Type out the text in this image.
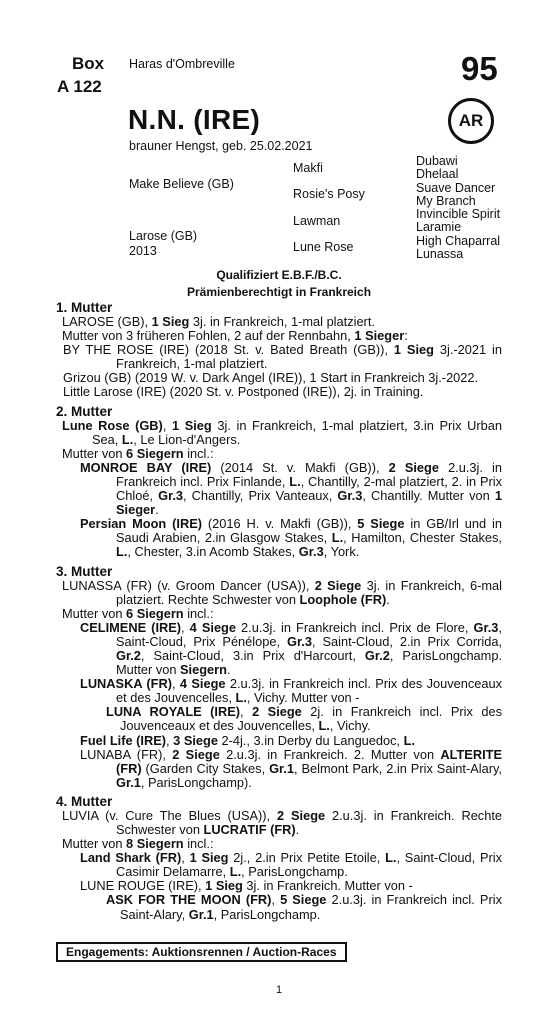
Box
A 122
Haras d'Ombreville	95
N.N. (IRE)
brauner Hengst, geb. 25.02.2021
AR
Make Believe (GB)
Larose (GB)
2013
Makfi
Rosie's Posy
Lawman
Lune Rose
Dubawi
Dhelaal
Suave Dancer
My Branch
Invincible Spirit
Laramie
High Chaparral
Lunassa
Qualifiziert E.B.F./B.C.
Prämienberechtigt in Frankreich
1. Mutter

LAROSE (GB), 1 Sieg 3j. in Frankreich, 1-mal platziert.

Mutter von 3 früheren Fohlen, 2 auf der Rennbahn, 1 Sieger:

BY THE ROSE (IRE) (2018 St. v. Bated Breath (GB)), 1 Sieg 3j.-2021 in Frankreich, 1-mal platziert.

Grizou (GB) (2019 W. v. Dark Angel (IRE)), 1 Start in Frankreich 3j.-2022.

Little Larose (IRE) (2020 St. v. Postponed (IRE)), 2j. in Training.

2. Mutter

Lune Rose (GB), 1 Sieg 3j. in Frankreich, 1-mal platziert, 3.in Prix Urban Sea, L., Le Lion-d'Angers.

Mutter von 6 Siegern incl.:

MONROE BAY (IRE) (2014 St. v. Makfi (GB)), 2 Siege 2.u.3j. in Frankreich incl. Prix Finlande, L., Chantilly, 2-mal platziert, 2. in Prix Chloé, Gr.3, Chantilly, Prix Vanteaux, Gr.3, Chantilly. Mutter von 1 Sieger.

Persian Moon (IRE) (2016 H. v. Makfi (GB)), 5 Siege in GB/Irl und in Saudi Arabien, 2.in Glasgow Stakes, L., Hamilton, Chester Stakes, L., Chester, 3.in Acomb Stakes, Gr.3, York.

3. Mutter

LUNASSA (FR) (v. Groom Dancer (USA)), 2 Siege 3j. in Frankreich, 6-mal platziert. Rechte Schwester von Loophole (FR).

Mutter von 6 Siegern incl.:

CELIMENE (IRE), 4 Siege 2.u.3j. in Frankreich incl. Prix de Flore, Gr.3, Saint-Cloud, Prix Pénélope, Gr.3, Saint-Cloud, 2.in Prix Corrida, Gr.2, Saint-Cloud, 3.in Prix d'Harcourt, Gr.2, ParisLongchamp. Mutter von Siegern.

LUNASKA (FR), 4 Siege 2.u.3j. in Frankreich incl. Prix des Jouvenceaux et des Jouvencelles, L., Vichy. Mutter von -

LUNA ROYALE (IRE), 2 Siege 2j. in Frankreich incl. Prix des Jouvenceaux et des Jouvencelles, L., Vichy.

Fuel Life (IRE), 3 Siege 2-4j., 3.in Derby du Languedoc, L.

LUNABA (FR), 2 Siege 2.u.3j. in Frankreich. 2. Mutter von ALTERITE (FR) (Garden City Stakes, Gr.1, Belmont Park, 2.in Prix Saint-Alary, Gr.1, ParisLongchamp).

4. Mutter

LUVIA (v. Cure The Blues (USA)), 2 Siege 2.u.3j. in Frankreich. Rechte Schwester von LUCRATIF (FR).

Mutter von 8 Siegern incl.:

Land Shark (FR), 1 Sieg 2j., 2.in Prix Petite Etoile, L., Saint-Cloud, Prix Casimir Delamarre, L., ParisLongchamp.

LUNE ROUGE (IRE), 1 Sieg 3j. in Frankreich. Mutter von -

ASK FOR THE MOON (FR), 5 Siege 2.u.3j. in Frankreich incl. Prix Saint-Alary, Gr.1, ParisLongchamp.

Engagements: Auktionsrennen / Auction-Races
1
